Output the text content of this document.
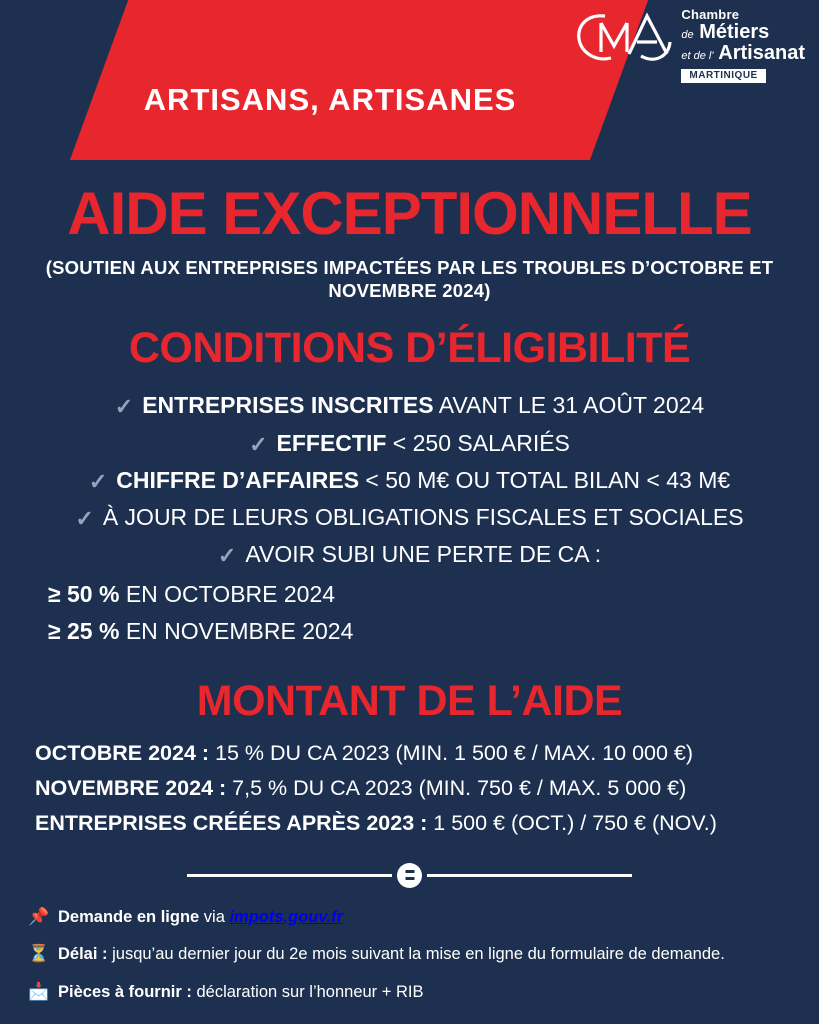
ARTISANS, ARTISANES
Chambre
de Métiers
et de l' Artisanat
MARTINIQUE
AIDE EXCEPTIONNELLE
(SOUTIEN AUX ENTREPRISES IMPACTÉES PAR LES TROUBLES D’OCTOBRE ET NOVEMBRE 2024)
CONDITIONS D’ÉLIGIBILITÉ
✓ ENTREPRISES INSCRITES AVANT LE 31 AOÛT 2024
✓ EFFECTIF < 250 SALARIÉS
✓ CHIFFRE D’AFFAIRES < 50 M€ OU TOTAL BILAN < 43 M€
✓ À JOUR DE LEURS OBLIGATIONS FISCALES ET SOCIALES
✓ AVOIR SUBI UNE PERTE DE CA :
≥ 50 % EN OCTOBRE 2024
≥ 25 % EN NOVEMBRE 2024
MONTANT DE L’AIDE
OCTOBRE 2024 : 15 % DU CA 2023 (MIN. 1 500 € / MAX. 10 000 €)
NOVEMBRE 2024 : 7,5 % DU CA 2023 (MIN. 750 € / MAX. 5 000 €)
ENTREPRISES CRÉÉES APRÈS 2023 : 1 500 € (OCT.) / 750 € (NOV.)
📌 Demande en ligne via impots.gouv.fr
⏳ Délai : jusqu’au dernier jour du 2e mois suivant la mise en ligne du formulaire de demande.
📩 Pièces à fournir : déclaration sur l’honneur + RIB
